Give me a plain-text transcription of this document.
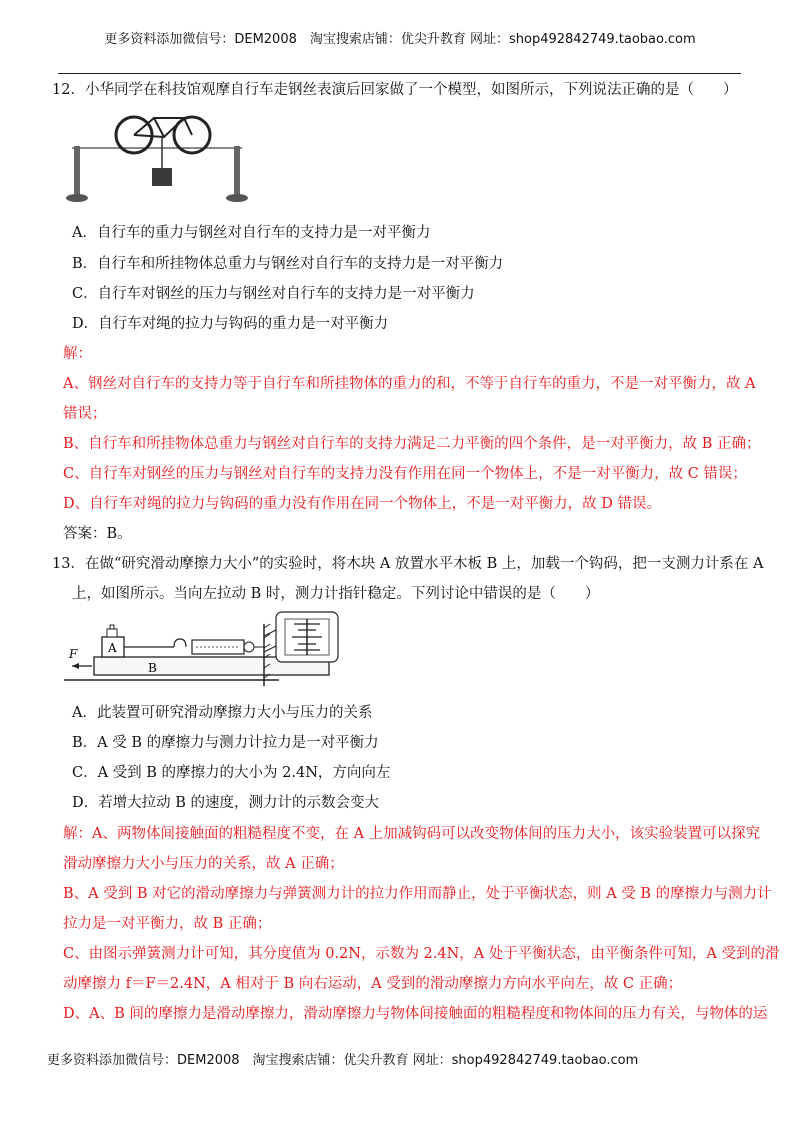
更多资料添加微信号：DEM2008　淘宝搜索店铺：优尖升教育 网址：shop492842749.taobao.com
12．小华同学在科技馆观摩自行车走钢丝表演后回家做了一个模型，如图所示，下列说法正确的是（　　）
A．自行车的重力与钢丝对自行车的支持力是一对平衡力
B．自行车和所挂物体总重力与钢丝对自行车的支持力是一对平衡力
C．自行车对钢丝的压力与钢丝对自行车的支持力是一对平衡力
D．自行车对绳的拉力与钩码的重力是一对平衡力
解：
A、钢丝对自行车的支持力等于自行车和所挂物体的重力的和，不等于自行车的重力，不是一对平衡力，故 A
错误；
B、自行车和所挂物体总重力与钢丝对自行车的支持力满足二力平衡的四个条件，是一对平衡力，故 B 正确；
C、自行车对钢丝的压力与钢丝对自行车的支持力没有作用在同一个物体上，不是一对平衡力，故 C 错误；
D、自行车对绳的拉力与钩码的重力没有作用在同一个物体上，不是一对平衡力，故 D 错误。
答案：B。
13．在做“研究滑动摩擦力大小”的实验时，将木块 A 放置水平木板 B 上，加载一个钩码，把一支测力计系在 A
上，如图所示。当向左拉动 B 时，测力计指针稳定。下列讨论中错误的是（　　）
B
A
F
A．此装置可研究滑动摩擦力大小与压力的关系
B．A 受 B 的摩擦力与测力计拉力是一对平衡力
C．A 受到 B 的摩擦力的大小为 2.4N，方向向左
D．若增大拉动 B 的速度，测力计的示数会变大
解：A、两物体间接触面的粗糙程度不变，在 A 上加减钩码可以改变物体间的压力大小，该实验装置可以探究
滑动摩擦力大小与压力的关系，故 A 正确；
B、A 受到 B 对它的滑动摩擦力与弹簧测力计的拉力作用而静止，处于平衡状态，则 A 受 B 的摩擦力与测力计
拉力是一对平衡力，故 B 正确；
C、由图示弹簧测力计可知，其分度值为 0.2N，示数为 2.4N，A 处于平衡状态，由平衡条件可知，A 受到的滑
动摩擦力 f＝F＝2.4N，A 相对于 B 向右运动，A 受到的滑动摩擦力方向水平向左，故 C 正确；
D、A、B 间的摩擦力是滑动摩擦力，滑动摩擦力与物体间接触面的粗糙程度和物体间的压力有关，与物体的运
更多资料添加微信号：DEM2008　淘宝搜索店铺：优尖升教育 网址：shop492842749.taobao.com
